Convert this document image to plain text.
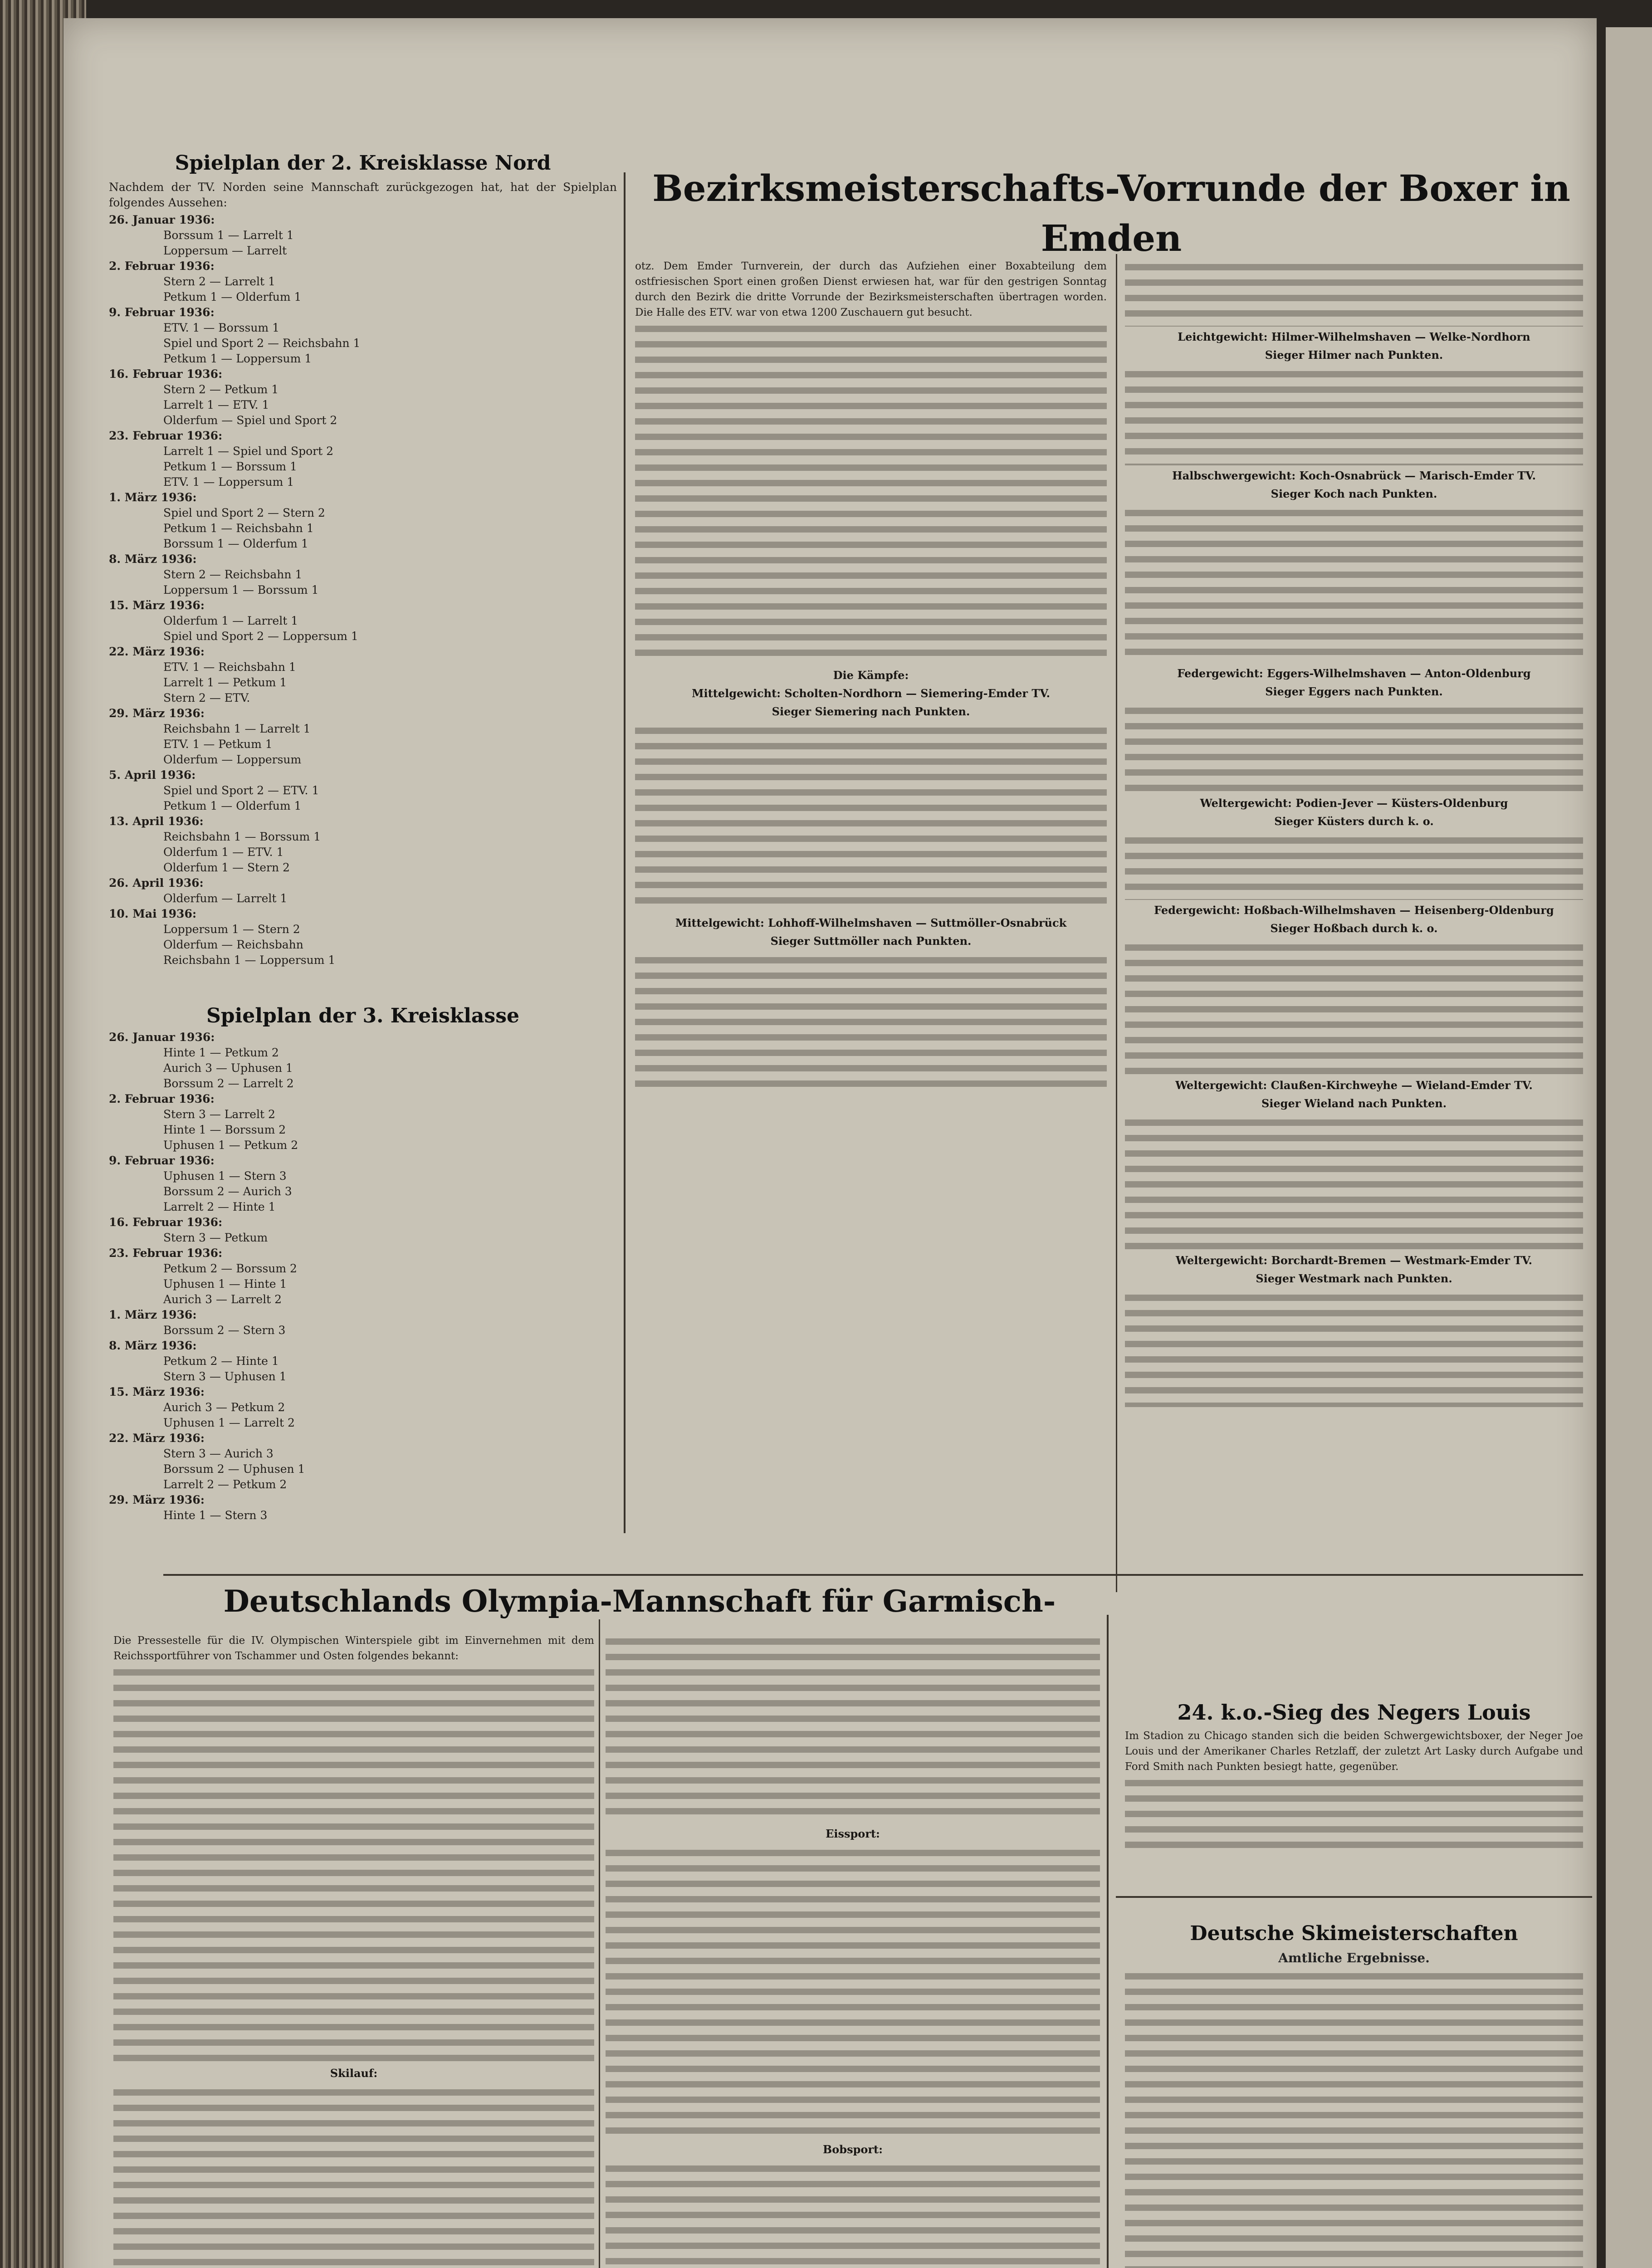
Spielplan der 2. Kreisklasse Nord
Nachdem der TV. Norden seine Mannschaft zurückgezogen hat, hat der Spielplan folgendes Aussehen:
26. Januar 1936:
Borssum 1 — Larrelt 1
Loppersum — Larrelt
2. Februar 1936:
Stern 2 — Larrelt 1
Petkum 1 — Olderfum 1
9. Februar 1936:
ETV. 1 — Borssum 1
Spiel und Sport 2 — Reichsbahn 1
Petkum 1 — Loppersum 1
16. Februar 1936:
Stern 2 — Petkum 1
Larrelt 1 — ETV. 1
Olderfum — Spiel und Sport 2
23. Februar 1936:
Larrelt 1 — Spiel und Sport 2
Petkum 1 — Borssum 1
ETV. 1 — Loppersum 1
1. März 1936:
Spiel und Sport 2 — Stern 2
Petkum 1 — Reichsbahn 1
Borssum 1 — Olderfum 1
8. März 1936:
Stern 2 — Reichsbahn 1
Loppersum 1 — Borssum 1
15. März 1936:
Olderfum 1 — Larrelt 1
Spiel und Sport 2 — Loppersum 1
22. März 1936:
ETV. 1 — Reichsbahn 1
Larrelt 1 — Petkum 1
Stern 2 — ETV.
29. März 1936:
Reichsbahn 1 — Larrelt 1
ETV. 1 — Petkum 1
Olderfum — Loppersum
5. April 1936:
Spiel und Sport 2 — ETV. 1
Petkum 1 — Olderfum 1
13. April 1936:
Reichsbahn 1 — Borssum 1
Olderfum 1 — ETV. 1
Olderfum 1 — Stern 2
26. April 1936:
Olderfum — Larrelt 1
10. Mai 1936:
Loppersum 1 — Stern 2
Olderfum — Reichsbahn
Reichsbahn 1 — Loppersum 1
Spielplan der 3. Kreisklasse
26. Januar 1936:
Hinte 1 — Petkum 2
Aurich 3 — Uphusen 1
Borssum 2 — Larrelt 2
2. Februar 1936:
Stern 3 — Larrelt 2
Hinte 1 — Borssum 2
Uphusen 1 — Petkum 2
9. Februar 1936:
Uphusen 1 — Stern 3
Borssum 2 — Aurich 3
Larrelt 2 — Hinte 1
16. Februar 1936:
Stern 3 — Petkum
23. Februar 1936:
Petkum 2 — Borssum 2
Uphusen 1 — Hinte 1
Aurich 3 — Larrelt 2
1. März 1936:
Borssum 2 — Stern 3
8. März 1936:
Petkum 2 — Hinte 1
Stern 3 — Uphusen 1
15. März 1936:
Aurich 3 — Petkum 2
Uphusen 1 — Larrelt 2
22. März 1936:
Stern 3 — Aurich 3
Borssum 2 — Uphusen 1
Larrelt 2 — Petkum 2
29. März 1936:
Hinte 1 — Stern 3
Bezirksmeisterschafts-Vorrunde der Boxer in Emden
otz. Dem Emder Turnverein, der durch das Aufziehen einer Boxabteilung dem ostfriesischen Sport einen großen Dienst erwiesen hat, war für den gestrigen Sonntag durch den Bezirk die dritte Vorrunde der Bezirksmeisterschaften übertragen worden. Die Halle des ETV. war von etwa 1200 Zuschauern gut besucht.
Die Kämpfe:
Mittelgewicht: Scholten-Nordhorn — Siemering-Emder TV.
Sieger Siemering nach Punkten.
Mittelgewicht: Lohhoff-Wilhelmshaven — Suttmöller-Osnabrück
Sieger Suttmöller nach Punkten.
Leichtgewicht: Hilmer-Wilhelmshaven — Welke-Nordhorn
Sieger Hilmer nach Punkten.
Halbschwergewicht: Koch-Osnabrück — Marisch-Emder TV.
Sieger Koch nach Punkten.
Federgewicht: Eggers-Wilhelmshaven — Anton-Oldenburg
Sieger Eggers nach Punkten.
Weltergewicht: Podien-Jever — Küsters-Oldenburg
Sieger Küsters durch k. o.
Federgewicht: Hoßbach-Wilhelmshaven — Heisenberg-Oldenburg
Sieger Hoßbach durch k. o.
Weltergewicht: Claußen-Kirchweyhe — Wieland-Emder TV.
Sieger Wieland nach Punkten.
Weltergewicht: Borchardt-Bremen — Westmark-Emder TV.
Sieger Westmark nach Punkten.
Deutschlands Olympia-Mannschaft für Garmisch-
Die Pressestelle für die IV. Olympischen Winterspiele gibt im Einvernehmen mit dem Reichssportführer von Tschammer und Osten folgendes bekannt:
Skilauf:
Eissport:
Bobsport:
24. k.o.-Sieg des Negers Louis
Im Stadion zu Chicago standen sich die beiden Schwergewichtsboxer, der Neger Joe Louis und der Amerikaner Charles Retzlaff, der zuletzt Art Lasky durch Aufgabe und Ford Smith nach Punkten besiegt hatte, gegenüber.
Deutsche Skimeisterschaften
Amtliche Ergebnisse.
